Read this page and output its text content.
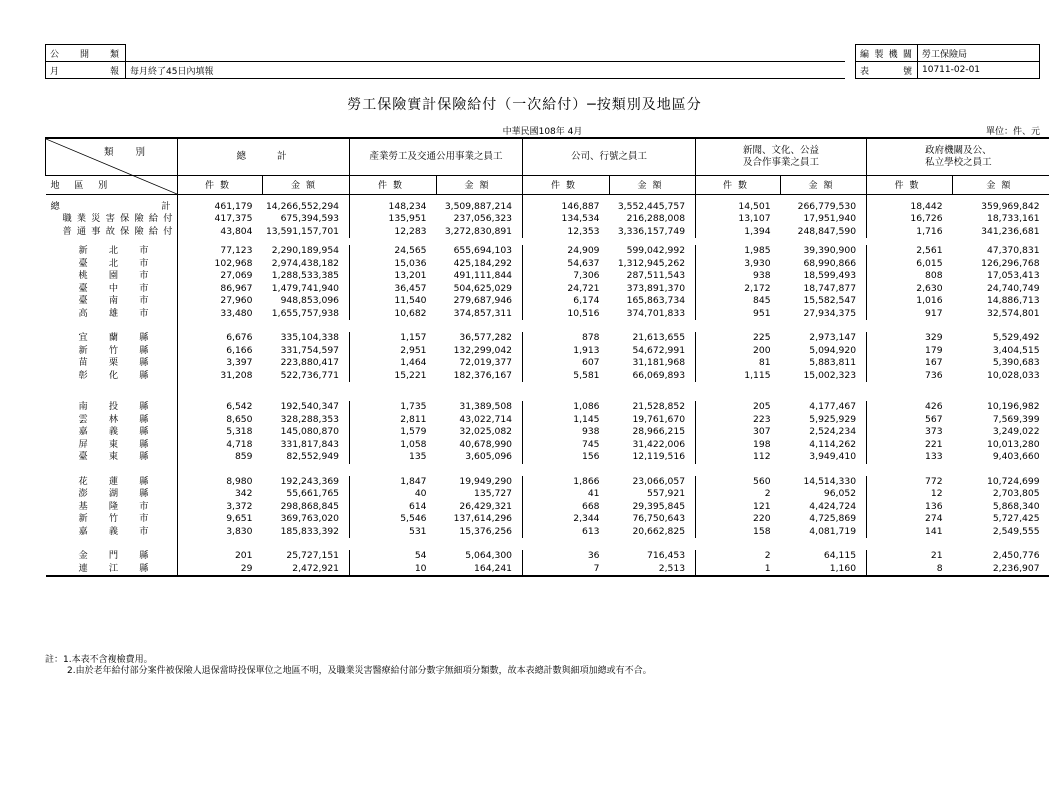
公開類	
月報	每月終了45日內填報
編製機關	勞工保險局
表號	10711-02-01
勞工保險實計保險給付（一次給付）─按類別及地區分
中華民國108年 4月	單位：件、元
類別	總　　計		產業勞工及交通公用事業之員工		公司、行號之員工		新聞、文化、公益
及合作事業之員工		政府機關及公、
私立學校之員工	
地 區 別	件數	金額	件數	金額	件數	金額	件數	金額	件數	金額
總計	461,179	14,266,552,294	148,234	3,509,887,214	146,887	3,552,445,757	14,501	266,779,530	18,442	359,969,842
職業災害保險給付	417,375	675,394,593	135,951	237,056,323	134,534	216,288,008	13,107	17,951,940	16,726	18,733,161
普通事故保險給付	43,804	13,591,157,701	12,283	3,272,830,891	12,353	3,336,157,749	1,394	248,847,590	1,716	341,236,681

新北市	77,123	2,290,189,954	24,565	655,694,103	24,909	599,042,992	1,985	39,390,900	2,561	47,370,831
臺北市	102,968	2,974,438,182	15,036	425,184,292	54,637	1,312,945,262	3,930	68,990,866	6,015	126,296,768
桃園市	27,069	1,288,533,385	13,201	491,111,844	7,306	287,511,543	938	18,599,493	808	17,053,413
臺中市	86,967	1,479,741,940	36,457	504,625,029	24,721	373,891,370	2,172	18,747,877	2,630	24,740,749
臺南市	27,960	948,853,096	11,540	279,687,946	6,174	165,863,734	845	15,582,547	1,016	14,886,713
高雄市	33,480	1,655,757,938	10,682	374,857,311	10,516	374,701,833	951	27,934,375	917	32,574,801

宜蘭縣	6,676	335,104,338	1,157	36,577,282	878	21,613,655	225	2,973,147	329	5,529,492
新竹縣	6,166	331,754,597	2,951	132,299,042	1,913	54,672,991	200	5,094,920	179	3,404,515
苗栗縣	3,397	223,880,417	1,464	72,019,377	607	31,181,968	81	5,883,811	167	5,390,683
彰化縣	31,208	522,736,771	15,221	182,376,167	5,581	66,069,893	1,115	15,002,323	736	10,028,033

南投縣	6,542	192,540,347	1,735	31,389,508	1,086	21,528,852	205	4,177,467	426	10,196,982
雲林縣	8,650	328,288,353	2,811	43,022,714	1,145	19,761,670	223	5,925,929	567	7,569,399
嘉義縣	5,318	145,080,870	1,579	32,025,082	938	28,966,215	307	2,524,234	373	3,249,022
屏東縣	4,718	331,817,843	1,058	40,678,990	745	31,422,006	198	4,114,262	221	10,013,280
臺東縣	859	82,552,949	135	3,605,096	156	12,119,516	112	3,949,410	133	9,403,660

花蓮縣	8,980	192,243,369	1,847	19,949,290	1,866	23,066,057	560	14,514,330	772	10,724,699
澎湖縣	342	55,661,765	40	135,727	41	557,921	2	96,052	12	2,703,805
基隆市	3,372	298,868,845	614	26,429,321	668	29,395,845	121	4,424,724	136	5,868,340
新竹市	9,651	369,763,020	5,546	137,614,296	2,344	76,750,643	220	4,725,869	274	5,727,425
嘉義市	3,830	185,833,392	531	15,376,256	613	20,662,825	158	4,081,719	141	2,549,555

金門縣	201	25,727,151	54	5,064,300	36	716,453	2	64,115	21	2,450,776
連江縣	29	2,472,921	10	164,241	7	2,513	1	1,160	8	2,236,907
註：1.本表不含複檢費用。
2.由於老年給付部分案件被保險人退保當時投保單位之地區不明，及職業災害醫療給付部分數字無細項分類數，故本表總計數與細項加總或有不合。
